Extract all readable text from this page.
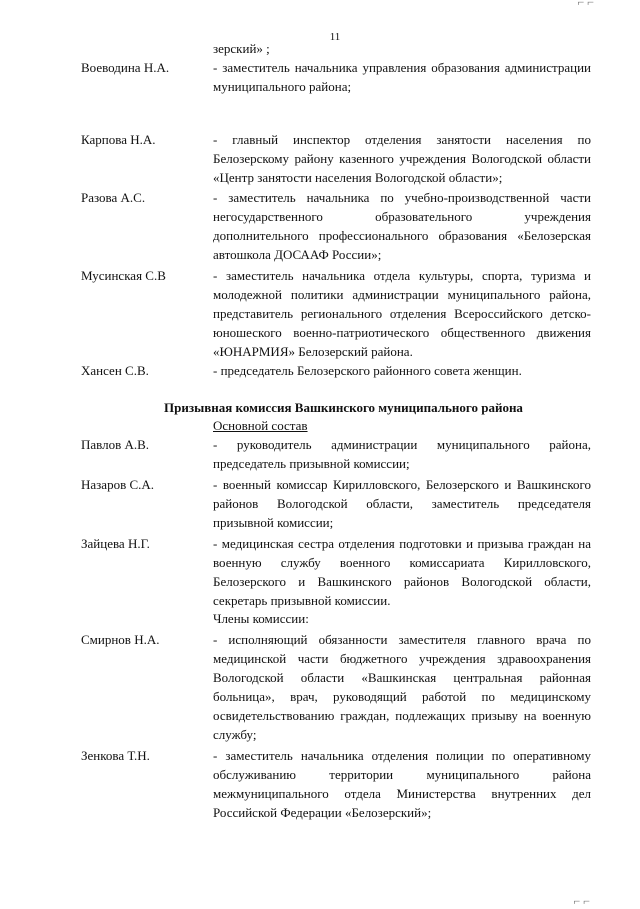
⌐ ⌐
11
зерский» ;
Воеводина Н.А.	- заместитель начальника управления образования администрации муниципального района;
Карпова Н.А.	- главный инспектор отделения занятости населения по Белозерскому району казенного учреждения Вологодской области «Центр занятости населения Вологодской области»;
Разова А.С.	- заместитель начальника по учебно-производственной части негосударственного образовательного учреждения дополнительного профессионального образования «Белозерская автошкола ДОСААФ России»;
Мусинская С.В	- заместитель начальника отдела культуры, спорта, туризма и молодежной политики администрации муниципального района, представитель регионального отделения Всероссийского детско-юношеского военно-патриотического общественного движения «ЮНАРМИЯ» Белозерский района.
Хансен С.В.	- председатель Белозерского районного совета женщин.
Призывная комиссия Вашкинского муниципального района
Основной состав
Павлов А.В.	- руководитель администрации муниципального района, председатель призывной комиссии;
Назаров С.А.	- военный комиссар Кирилловского, Белозерского и Вашкинского районов Вологодской области, заместитель председателя призывной комиссии;
Зайцева Н.Г.	- медицинская сестра отделения подготовки и призыва граждан на военную службу военного комиссариата Кирилловского, Белозерского и Вашкинского районов Вологодской области, секретарь призывной комиссии.
Члены комиссии:
Смирнов Н.А.	- исполняющий обязанности заместителя главного врача по медицинской части бюджетного учреждения здравоохранения Вологодской области «Вашкинская центральная районная больница», врач, руководящий работой по медицинскому освидетельствованию граждан, подлежащих призыву на военную службу;
Зенкова Т.Н.	- заместитель начальника отделения полиции по оперативному обслуживанию территории муниципального района межмуниципального отдела Министерства внутренних дел Российской Федерации «Белозерский»;
⌐ ⌐
